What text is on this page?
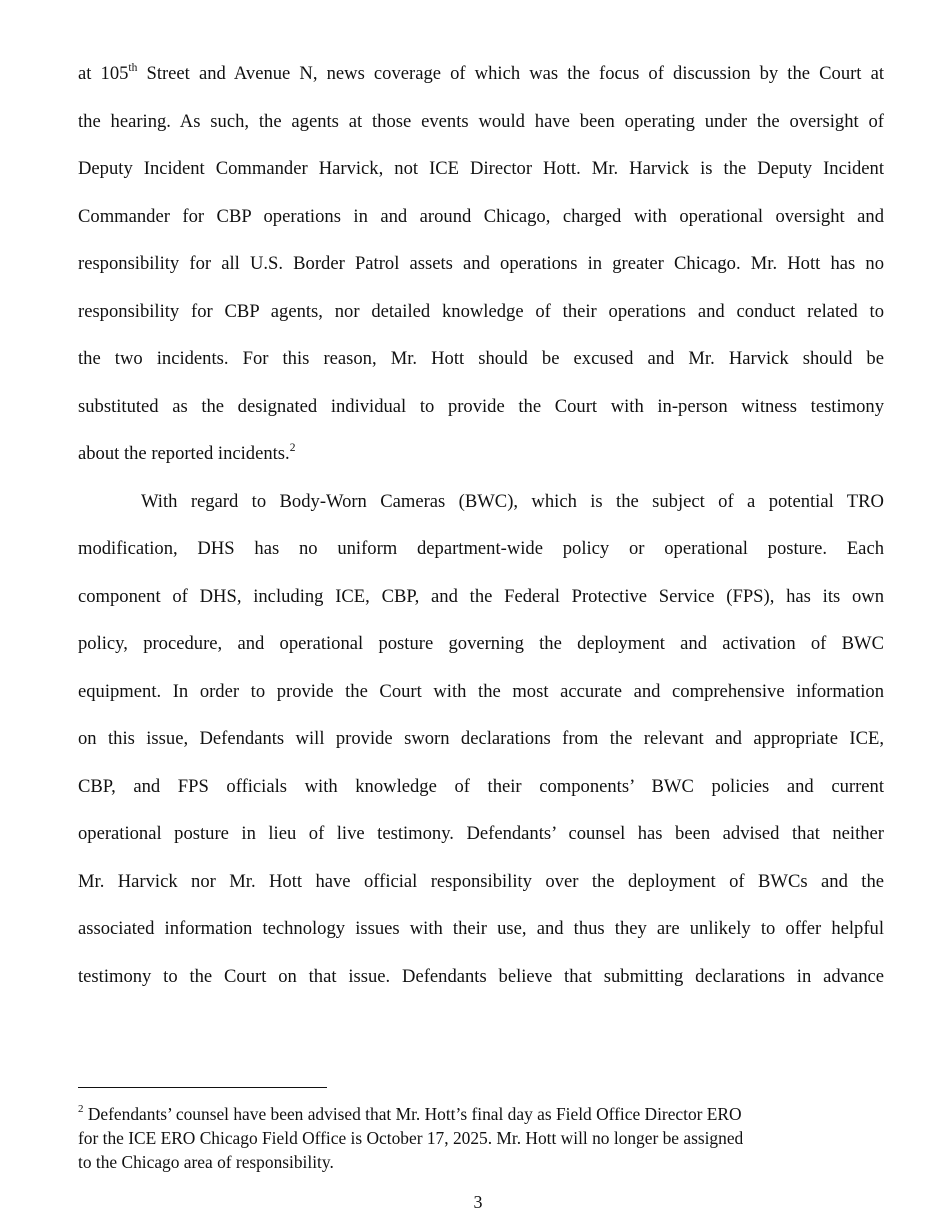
at 105th Street and Avenue N, news coverage of which was the focus of discussion by the Court at
the hearing. As such, the agents at those events would have been operating under the oversight of
Deputy Incident Commander Harvick, not ICE Director Hott. Mr. Harvick is the Deputy Incident
Commander for CBP operations in and around Chicago, charged with operational oversight and
responsibility for all U.S. Border Patrol assets and operations in greater Chicago. Mr. Hott has no
responsibility for CBP agents, nor detailed knowledge of their operations and conduct related to
the two incidents. For this reason, Mr. Hott should be excused and Mr. Harvick should be
substituted as the designated individual to provide the Court with in-person witness testimony
about the reported incidents.$^2$
With regard to Body-Worn Cameras (BWC), which is the subject of a potential TRO
modification, DHS has no uniform department-wide policy or operational posture. Each
component of DHS, including ICE, CBP, and the Federal Protective Service (FPS), has its own
policy, procedure, and operational posture governing the deployment and activation of BWC
equipment. In order to provide the Court with the most accurate and comprehensive information
on this issue, Defendants will provide sworn declarations from the relevant and appropriate ICE,
CBP, and FPS officials with knowledge of their components’ BWC policies and current
operational posture in lieu of live testimony. Defendants’ counsel has been advised that neither
Mr. Harvick nor Mr. Hott have official responsibility over the deployment of BWCs and the
associated information technology issues with their use, and thus they are unlikely to offer helpful
testimony to the Court on that issue. Defendants believe that submitting declarations in advance
$^2$ Defendants’ counsel have been advised that Mr. Hott’s final day as Field Office Director ERO
for the ICE ERO Chicago Field Office is October 17, 2025. Mr. Hott will no longer be assigned
to the Chicago area of responsibility.
3
